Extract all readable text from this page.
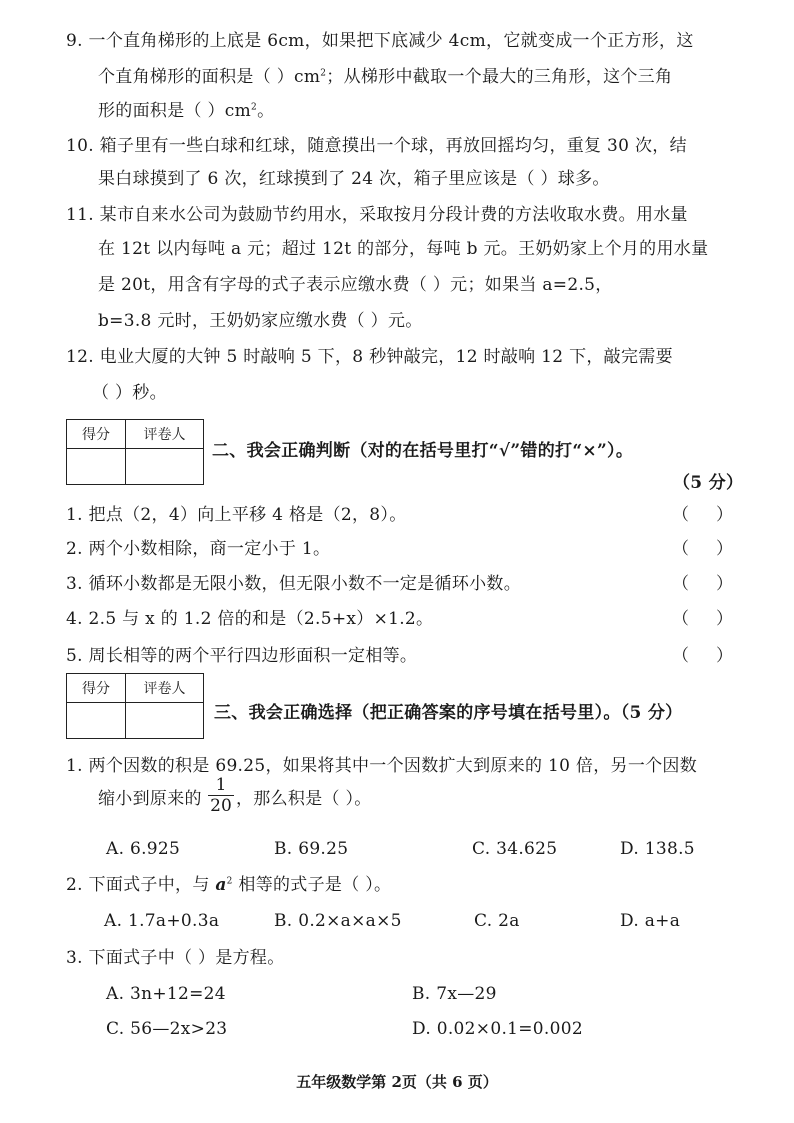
9. 一个直角梯形的上底是 6cm，如果把下底减少 4cm，它就变成一个正方形，这
个直角梯形的面积是（ ）$cm^2$；从梯形中截取一个最大的三角形，这个三角
形的面积是（ ）$cm^2$。
10. 箱子里有一些白球和红球，随意摸出一个球，再放回摇均匀，重复 30 次，结
果白球摸到了 6 次，红球摸到了 24 次，箱子里应该是（ ）球多。
11. 某市自来水公司为鼓励节约用水，采取按月分段计费的方法收取水费。用水量
在 12t 以内每吨 a 元；超过 12t 的部分，每吨 b 元。王奶奶家上个月的用水量
是 20t，用含有字母的式子表示应缴水费（ ）元；如果当 a=2.5，
b=3.8 元时，王奶奶家应缴水费（ ）元。
12. 电业大厦的大钟 5 时敲响 5 下，8 秒钟敲完，12 时敲响 12 下，敲完需要
（ ）秒。
得分	评卷人

二、我会正确判断（对的在括号里打“√”错的打“×”）。
（5 分）
1. 把点（2，4）向上平移 4 格是（2，8）。	（     ）
2. 两个小数相除，商一定小于 1。	（     ）
3. 循环小数都是无限小数，但无限小数不一定是循环小数。	（     ）
4. 2.5 与 x 的 1.2 倍的和是（2.5+x）×1.2。	（     ）
5. 周长相等的两个平行四边形面积一定相等。	（     ）
得分	评卷人

三、我会正确选择（把正确答案的序号填在括号里）。（5 分）
1. 两个因数的积是 69.25，如果将其中一个因数扩大到原来的 10 倍，另一个因数
缩小到原来的 $\frac{1}{20}$ ，那么积是（ ）。
A. 6.925	B. 69.25	C. 34.625	D. 138.5
2. 下面式子中，与 $a^2$ 相等的式子是（ ）。
A. 1.7a+0.3a	B. 0.2×a×a×5	C. 2a	D. a+a
3. 下面式子中（ ）是方程。
A. 3n+12=24	B. 7x—29
C. 56—2x>23	D. 0.02×0.1=0.002
五年级数学第 2页（共 6 页）
